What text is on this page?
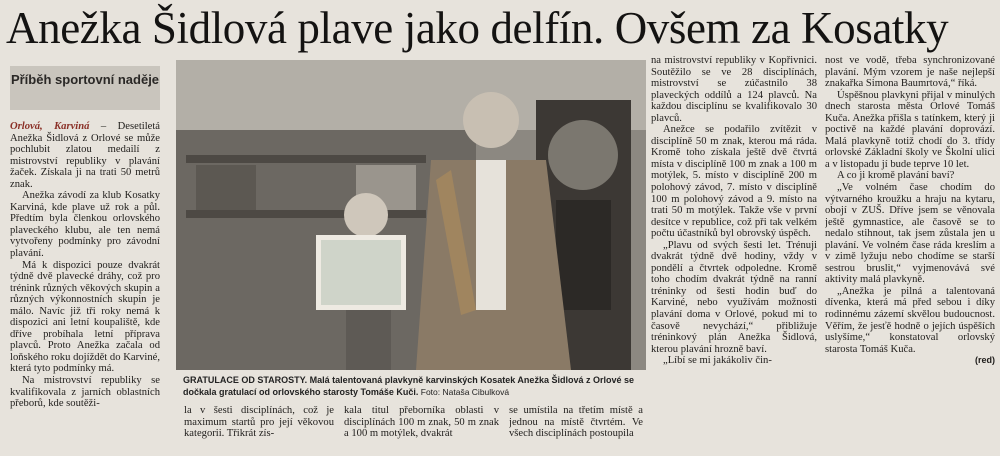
Anežka Šidlová plave jako delfín. Ovšem za Kosatky
Příběh sportovní naděje

Orlová, Karviná – Desetiletá Anežka Šidlová z Orlové se může pochlubit zlatou medailí z mistrovství republiky v plavání žaček. Získala ji na trati 50 metrů znak.

Anežka závodí za klub Kosatky Karviná, kde plave už rok a půl. Předtím byla členkou orlovského plaveckého klubu, ale ten nemá vytvořeny podmínky pro závodní plavání.

Má k dispozici pouze dvakrát týdně dvě plavecké dráhy, což pro trénink různých věkových skupin a různých výkonnostních skupin je málo. Navíc již tři roky nemá k dispozici ani letní koupaliště, kde dříve probíhala letní příprava plavců. Proto Anežka začala od loňského roku dojíždět do Karviné, která tyto podmínky má.

Na mistrovství republiky se kvalifikovala z jarních oblastních přeborů, kde soutěži-

GRATULACE OD STAROSTY. Malá talentovaná plavkyně karvinských Kosatek Anežka Šidlová z Orlové se dočkala gratulací od orlovského starosty Tomáše Kuči. Foto: Nataša Cibulková

la v šesti disciplínách, což je maximum startů pro její věkovou kategorii. Třikrát zís-

kala titul přeborníka oblasti v disciplínách 100 m znak, 50 m znak a 100 m motýlek, dvakrát

se umístila na třetím místě a jednou na místě čtvrtém. Ve všech disciplínách postoupila

na mistrovství republiky v Kopřivnici. Soutěžilo se ve 28 disciplínách, mistrovství se zúčastnilo 38 plaveckých oddílů a 124 plavců. Na každou disciplínu se kvalifikovalo 30 plavců.

Anežce se podařilo zvítězit v disciplíně 50 m znak, kterou má ráda. Kromě toho získala ještě dvě čtvrtá místa v disciplíně 100 m znak a 100 m motýlek, 5. místo v disciplíně 200 m polohový závod, 7. místo v disciplíně 100 m polohový závod a 9. místo na trati 50 m motýlek. Takže vše v první desítce v republice, což při tak velkém počtu účastníků byl obrovský úspěch.

„Plavu od svých šesti let. Trénuji dvakrát týdně dvě hodiny, vždy v pondělí a čtvrtek odpoledne. Kromě toho chodím dvakrát týdně na ranní tréninky od šesti hodin buď do Karviné, nebo využívám možnosti plavání doma v Orlové, pokud mi to časově nevychází,“ přibližuje tréninkový plán Anežka Šidlová, kterou plavání hrozně baví.

„Líbí se mi jakákoliv čin-

nost ve vodě, třeba synchronizované plavání. Mým vzorem je naše nejlepší znakařka Simona Baumrtová,“ říká.

Úspěšnou plavkyni přijal v minulých dnech starosta města Orlové Tomáš Kuča. Anežka přišla s tatínkem, který ji poctivě na každé plavání doprovází. Malá plavkyně totiž chodí do 3. třídy orlovské Základní školy ve Školní ulici a v listopadu jí bude teprve 10 let.

A co ji kromě plavání baví?

„Ve volném čase chodím do výtvarného kroužku a hraju na kytaru, obojí v ZUŠ. Dříve jsem se věnovala ještě gymnastice, ale časově se to nedalo stihnout, tak jsem zůstala jen u plavání. Ve volném čase ráda kreslím a v zimě lyžuju nebo chodíme se starší sestrou bruslit,“ vyjmenovává své aktivity malá plavkyně.

„Anežka je pilná a talentovaná dívenka, která má před sebou i díky rodinnému zázemí skvělou budoucnost. Věřím, že jesťě hodně o jejích úspěších uslyšíme,“ konstatoval orlovský starosta Tomáš Kuča.

(red)
